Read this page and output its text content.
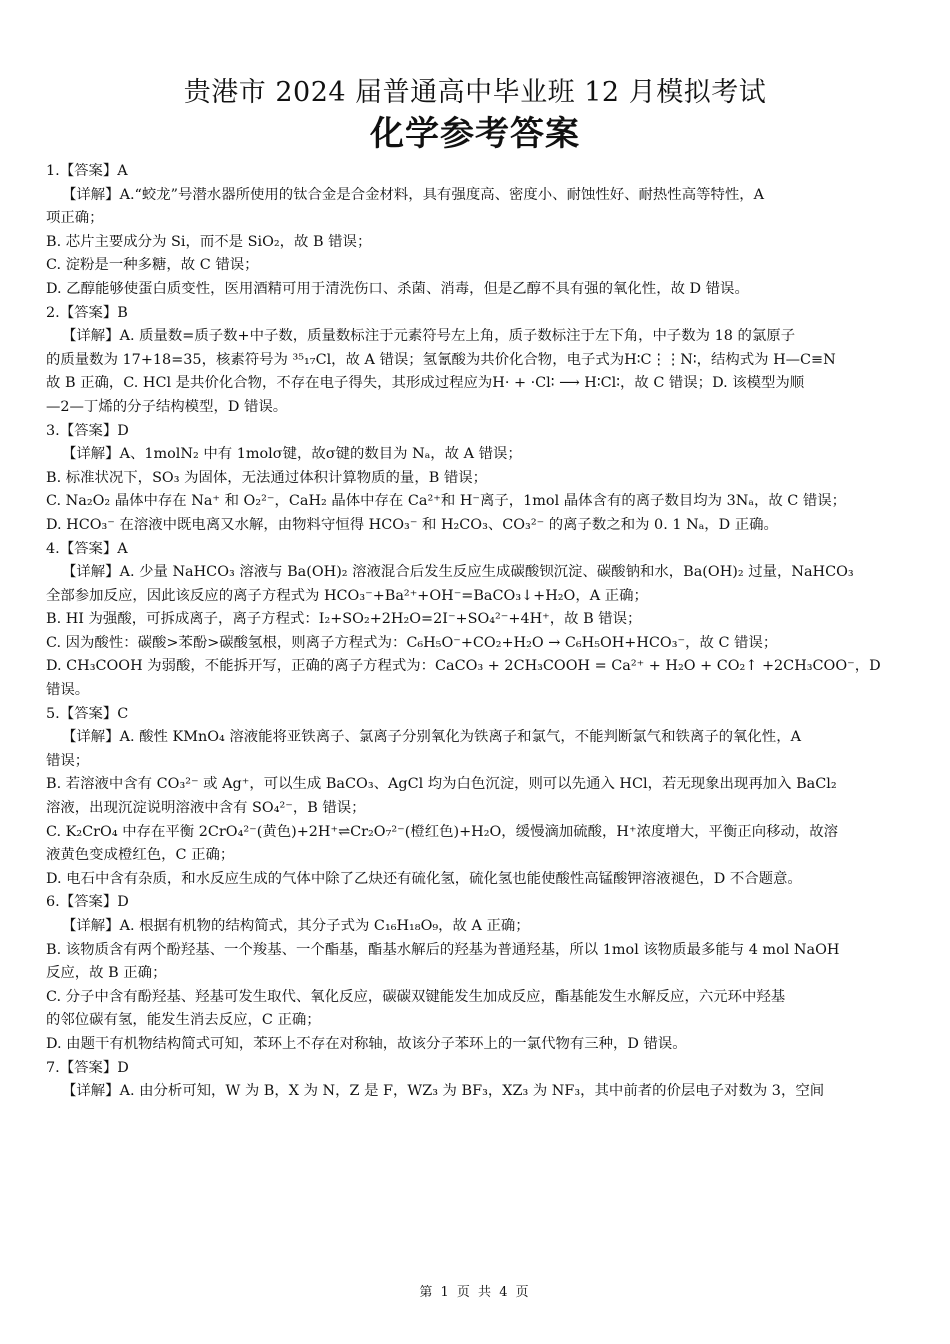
贵港市 2024 届普通高中毕业班 12 月模拟考试
化学参考答案
1.【答案】A
【详解】A.“蛟龙”号潜水器所使用的钛合金是合金材料，具有强度高、密度小、耐蚀性好、耐热性高等特性，A
项正确；
B. 芯片主要成分为 Si，而不是 SiO₂，故 B 错误；
C. 淀粉是一种多糖，故 C 错误；
D. 乙醇能够使蛋白质变性，医用酒精可用于清洗伤口、杀菌、消毒，但是乙醇不具有强的氧化性，故 D 错误。
2.【答案】B
【详解】A. 质量数=质子数+中子数，质量数标注于元素符号左上角，质子数标注于左下角，中子数为 18 的氯原子
的质量数为 17+18=35，核素符号为 ³⁵₁₇Cl，故 A 错误；氢氰酸为共价化合物，电子式为H∶C⋮⋮N∶，结构式为 H—C≡N
故 B 正确，C. HCl 是共价化合物，不存在电子得失，其形成过程应为H· + ·Cl∶ ⟶ H∶Cl∶，故 C 错误；D. 该模型为顺
—2—丁烯的分子结构模型，D 错误。
3.【答案】D
【详解】A、1molN₂ 中有 1molσ键，故σ键的数目为 Nₐ，故 A 错误；
B. 标准状况下，SO₃ 为固体，无法通过体积计算物质的量，B 错误；
C. Na₂O₂ 晶体中存在 Na⁺ 和 O₂²⁻，CaH₂ 晶体中存在 Ca²⁺和 H⁻离子，1mol 晶体含有的离子数目均为 3Nₐ，故 C 错误；
D. HCO₃⁻ 在溶液中既电离又水解，由物料守恒得 HCO₃⁻ 和 H₂CO₃、CO₃²⁻ 的离子数之和为 0. 1 Nₐ，D 正确。
4.【答案】A
【详解】A. 少量 NaHCO₃ 溶液与 Ba(OH)₂ 溶液混合后发生反应生成碳酸钡沉淀、碳酸钠和水，Ba(OH)₂ 过量，NaHCO₃
全部参加反应，因此该反应的离子方程式为 HCO₃⁻+Ba²⁺+OH⁻=BaCO₃↓+H₂O，A 正确；
B. HI 为强酸，可拆成离子，离子方程式：I₂+SO₂+2H₂O=2I⁻+SO₄²⁻+4H⁺，故 B 错误；
C. 因为酸性：碳酸>苯酚>碳酸氢根，则离子方程式为：C₆H₅O⁻+CO₂+H₂O → C₆H₅OH+HCO₃⁻，故 C 错误；
D. CH₃COOH 为弱酸，不能拆开写，正确的离子方程式为：CaCO₃ + 2CH₃COOH = Ca²⁺ + H₂O + CO₂↑ +2CH₃COO⁻，D
错误。
5.【答案】C
【详解】A. 酸性 KMnO₄ 溶液能将亚铁离子、氯离子分别氧化为铁离子和氯气，不能判断氯气和铁离子的氧化性，A
错误；
B. 若溶液中含有 CO₃²⁻ 或 Ag⁺，可以生成 BaCO₃、AgCl 均为白色沉淀，则可以先通入 HCl，若无现象出现再加入 BaCl₂
溶液，出现沉淀说明溶液中含有 SO₄²⁻，B 错误；
C. K₂CrO₄ 中存在平衡 2CrO₄²⁻(黄色)+2H⁺⇌Cr₂O₇²⁻(橙红色)+H₂O，缓慢滴加硫酸，H⁺浓度增大，平衡正向移动，故溶
液黄色变成橙红色，C 正确；
D. 电石中含有杂质，和水反应生成的气体中除了乙炔还有硫化氢，硫化氢也能使酸性高锰酸钾溶液褪色，D 不合题意。
6.【答案】D
【详解】A. 根据有机物的结构简式，其分子式为 C₁₆H₁₈O₉，故 A 正确；
B. 该物质含有两个酚羟基、一个羧基、一个酯基，酯基水解后的羟基为普通羟基，所以 1mol 该物质最多能与 4 mol NaOH
反应，故 B 正确；
C. 分子中含有酚羟基、羟基可发生取代、氧化反应，碳碳双键能发生加成反应，酯基能发生水解反应，六元环中羟基
的邻位碳有氢，能发生消去反应，C 正确；
D. 由题干有机物结构简式可知，苯环上不存在对称轴，故该分子苯环上的一氯代物有三种，D 错误。
7.【答案】D
【详解】A. 由分析可知，W 为 B，X 为 N，Z 是 F，WZ₃ 为 BF₃，XZ₃ 为 NF₃，其中前者的价层电子对数为 3，空间
第 1 页 共 4 页
